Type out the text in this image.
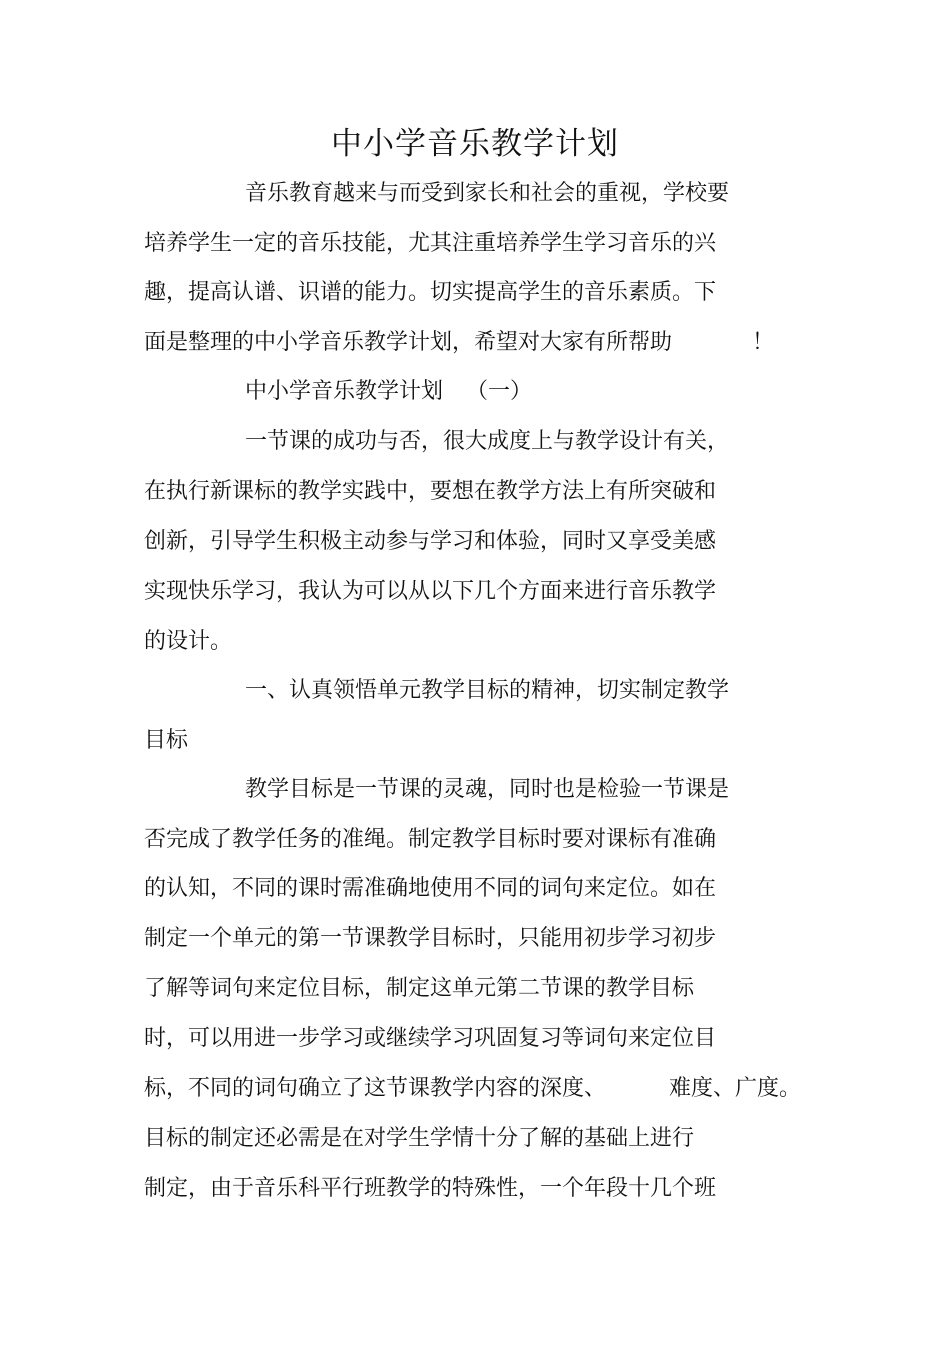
中小学音乐教学计划
音乐教育越来与而受到家长和社会的重视，学校要
培养学生一定的音乐技能，尤其注重培养学生学习音乐的兴
趣，提高认谱、识谱的能力。切实提高学生的音乐素质。下
面是整理的中小学音乐教学计划，希望对大家有所帮助	！
中小学音乐教学计划 （一）
一节课的成功与否，很大成度上与教学设计有关，
在执行新课标的教学实践中，要想在教学方法上有所突破和
创新，引导学生积极主动参与学习和体验，同时又享受美感
实现快乐学习，我认为可以从以下几个方面来进行音乐教学
的设计。
一、认真领悟单元教学目标的精神，切实制定教学
目标
教学目标是一节课的灵魂，同时也是检验一节课是
否完成了教学任务的准绳。制定教学目标时要对课标有准确
的认知，不同的课时需准确地使用不同的词句来定位。如在
制定一个单元的第一节课教学目标时，只能用初步学习初步
了解等词句来定位目标，制定这单元第二节课的教学目标
时，可以用进一步学习或继续学习巩固复习等词句来定位目
标，不同的词句确立了这节课教学内容的深度、	难度、广度。
目标的制定还必需是在对学生学情十分了解的基础上进行
制定，由于音乐科平行班教学的特殊性，一个年段十几个班
